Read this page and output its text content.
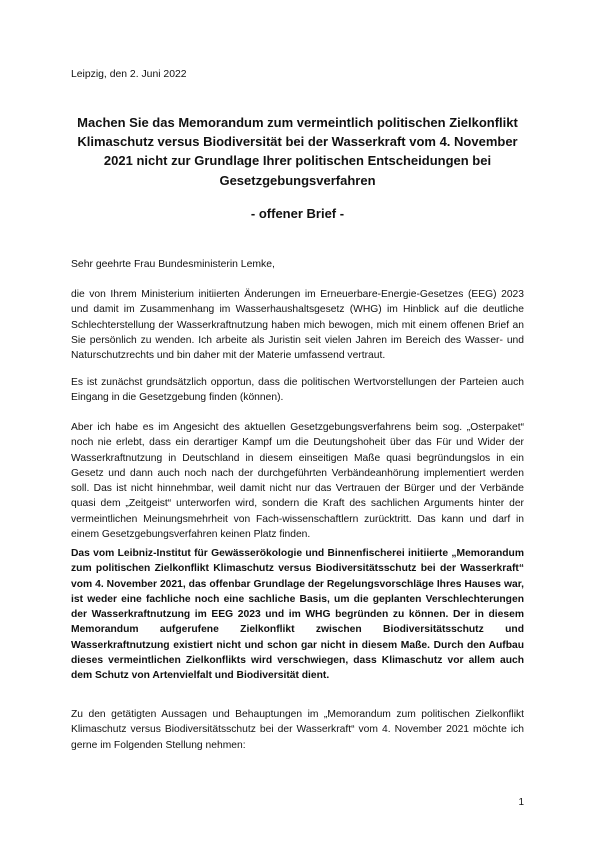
Leipzig, den 2. Juni 2022
Machen Sie das Memorandum zum vermeintlich politischen Zielkonflikt Klimaschutz versus Biodiversität bei der Wasserkraft vom 4. November 2021 nicht zur Grundlage Ihrer politischen Entscheidungen bei Gesetzgebungsverfahren
- offener Brief -
Sehr geehrte Frau Bundesministerin Lemke,

die von Ihrem Ministerium initiierten Änderungen im Erneuerbare-Energie-Gesetzes (EEG) 2023 und damit im Zusammenhang im Wasserhaushaltsgesetz (WHG) im Hinblick auf die deutliche Schlechterstellung der Wasserkraftnutzung haben mich bewogen, mich mit einem offenen Brief an Sie persönlich zu wenden. Ich arbeite als Juristin seit vielen Jahren im Bereich des Wasser- und Naturschutzrechts und bin daher mit der Materie umfassend vertraut.

Es ist zunächst grundsätzlich opportun, dass die politischen Wertvorstellungen der Parteien auch Eingang in die Gesetzgebung finden (können).

Aber ich habe es im Angesicht des aktuellen Gesetzgebungsverfahrens beim sog. „Osterpaket“ noch nie erlebt, dass ein derartiger Kampf um die Deutungshoheit über das Für und Wider der Wasserkraftnutzung in Deutschland in diesem einseitigen Maße quasi begründungslos in ein Gesetz und dann auch noch nach der durchgeführten Verbändeanhörung implementiert werden soll. Das ist nicht hinnehmbar, weil damit nicht nur das Vertrauen der Bürger und der Verbände quasi dem „Zeitgeist“ unterworfen wird, sondern die Kraft des sachlichen Arguments hinter der vermeintlichen Meinungsmehrheit von Fach-wissenschaftlern zurücktritt. Das kann und darf in einem Gesetzgebungsverfahren keinen Platz finden.

Das vom Leibniz-Institut für Gewässerökologie und Binnenfischerei initiierte „Memorandum zum politischen Zielkonflikt Klimaschutz versus Biodiversitätsschutz bei der Wasserkraft“ vom 4. November 2021, das offenbar Grundlage der Regelungsvorschläge Ihres Hauses war, ist weder eine fachliche noch eine sachliche Basis, um die geplanten Verschlechterungen der Wasserkraftnutzung im EEG 2023 und im WHG begründen zu können. Der in diesem Memorandum aufgerufene Zielkonflikt zwischen Biodiversitätsschutz und Wasserkraftnutzung existiert nicht und schon gar nicht in diesem Maße. Durch den Aufbau dieses vermeintlichen Zielkonflikts wird verschwiegen, dass Klimaschutz vor allem auch dem Schutz von Artenvielfalt und Biodiversität dient.

Zu den getätigten Aussagen und Behauptungen im „Memorandum zum politischen Zielkonflikt Klimaschutz versus Biodiversitätsschutz bei der Wasserkraft“ vom 4. November 2021 möchte ich gerne im Folgenden Stellung nehmen:

1
